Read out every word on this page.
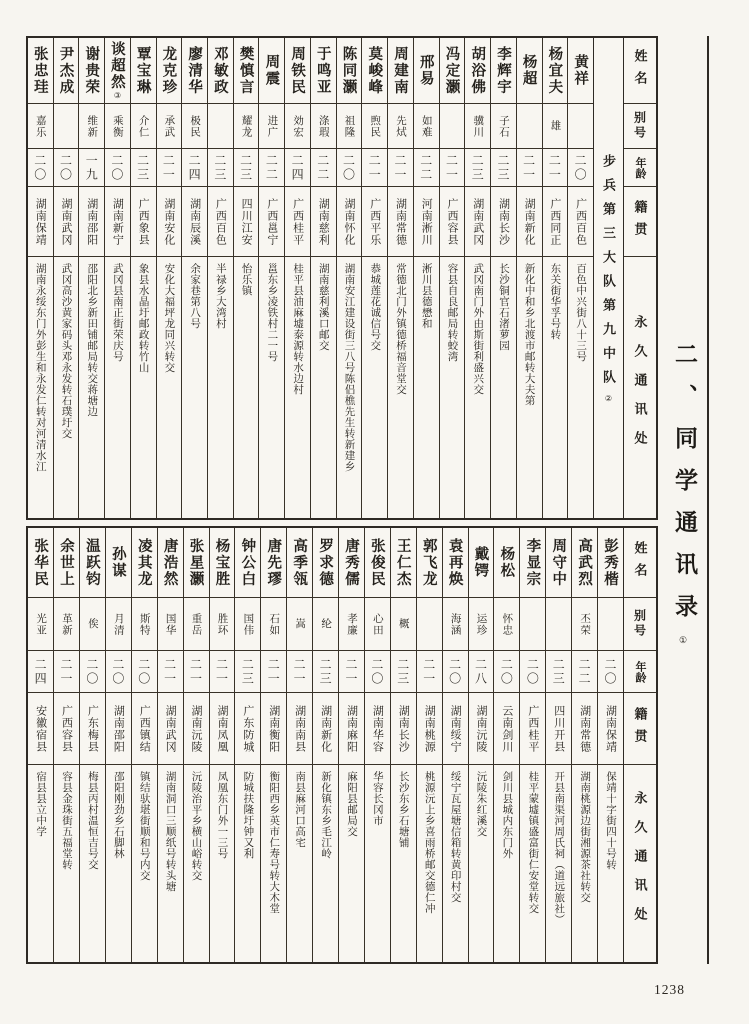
黄祥
二〇
广西百色
百色中兴街八十三号
杨宜夫
雄
二一
广西同正
东关街华孚号转
杨超
二一
湖南新化
新化中和乡北渡市邮转大夫第
李辉宇
子石
二三
湖南长沙
长沙铜官石渚萝园
胡浴佛
骥川
二三
湖南武冈
武冈南门外由斯街利盛兴交
冯定灏
二一
广西容县
容县自良邮局转蛟湾
邢易
如难
二二
河南淅川
淅川县德懋和
周建南
先烒
二一
湖南常德
常德北门外镇德桥福音堂交
莫峻峰
煦民
二一
广西平乐
恭城莲花诚信号交
陈同灏
祖隆
二〇
湖南怀化
湖南安江建设街三八号陈侣樵先生转新建乡
于鸣亚
涤瑕
二二
湖南慈利
湖南慈利溪口邮交
周铁民
効宏
二四
广西桂平
桂平县油麻墟泰源转水边村
周震
进广
二二
广西邕宁
邕东乡凌铁村二一号
樊慎言
耀龙
二三
四川江安
怡乐镇
邓敏政
二三
广西百色
半禄乡大湾村
廖清华
极民
二四
湖南辰溪
余家巷第八号
龙克珍
承武
二一
湖南安化
安化大福坪龙同兴转交
覃宝琳
介仁
二三
广西象县
象县水晶圩邮政转竹山
谈超然
③
乘衡
二〇
湖南新宁
武冈县南正街荣庆号
谢贵荣
维新
一九
湖南邵阳
邵阳北乡新田铺邮局转交蒋塘边
尹杰成
二〇
湖南武冈
武冈高沙黄家码头邓永发转石璞圩交
张忠珪
嘉乐
二〇
湖南保靖
湖南永绥东门外彭生和永发仁转对河清水江	步兵第三大队第九中队②
姓名
别号
年龄
籍贯
永久通讯处
彭秀楷
二〇
湖南保靖
保靖十字街四十号转
高武烈
丕荣
二二
湖南常德
湖南桃源边街湘源茶社转交
周守中
二三
四川开县
开县南渠河周氏祠（道远旅社）
李显宗
二〇
广西桂平
桂平蒙墟镇盛富街仁安堂转交
杨松
怀忠
二〇
云南剑川
剑川县城内东门外
戴锷
运珍
二八
湖南沅陵
沅陵朱红溪交
袁再焕
海涵
二〇
湖南绥宁
绥宁瓦屋塘信箱转黄印村交
郭飞龙
二一
湖南桃源
桃源沅上乡喜雨桥邮交德仁冲
王仁杰
概
二三
湖南长沙
长沙东乡石塘铺
张俊民
心田
二〇
湖南华容
华容长冈市
唐秀儒
孝廉
二一
湖南麻阳
麻阳县邮局交
罗求德
纶
二三
湖南新化
新化镇东乡毛江岭
高季瓴
嵩
二一
湖南南县
南县麻河口高宅
唐先璆
石如
二一
湖南衡阳
衡阳西乡英市仁寿号转大木堂
钟公白
国伟
二三
广东防城
防城扶隆圩钟又利
杨宝胜
胜环
二一
湖南凤凰
凤凰东门外一三号
张星灏
重岳
二一
湖南沅陵
沅陵治平乡横山峪转交
唐浩然
国华
二一
湖南武冈
湖南洞口三顺纸号转头塘
凌其龙
斯特
二〇
广西镇结
镇结驮堪街顺和号内交
孙谋
月清
二〇
湖南邵阳
邵阳刚劲乡石脚林
温跃钧
俟
二〇
广东梅县
梅县丙村温恒吉号交
余世上
革新
二一
广西容县
容县金珠街五福堂转
张华民
光亚
二四
安徽宿县
宿县县立中学
姓名
别号
年龄
籍贯
永久通讯处
二、同学通讯录①
1238
